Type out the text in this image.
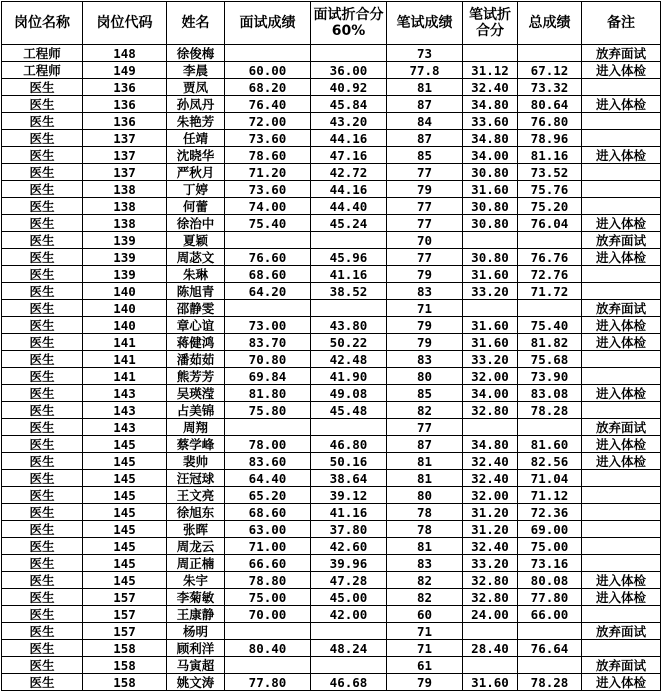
岗位名称	岗位代码	姓名	面试成绩	面试折合分60%	笔试成绩	笔试折合分	总成绩	备注
工程师	148	徐俊梅			73			放弃面试
工程师	149	李晨	60.00	36.00	77.8	31.12	67.12	进入体检
医生	136	贾凤	68.20	40.92	81	32.40	73.32	
医生	136	孙凤丹	76.40	45.84	87	34.80	80.64	进入体检
医生	136	朱艳芳	72.00	43.20	84	33.60	76.80	
医生	137	任靖	73.60	44.16	87	34.80	78.96	
医生	137	沈晓华	78.60	47.16	85	34.00	81.16	进入体检
医生	137	严秋月	71.20	42.72	77	30.80	73.52	
医生	138	丁婷	73.60	44.16	79	31.60	75.76	
医生	138	何蕾	74.00	44.40	77	30.80	75.20	
医生	138	徐治中	75.40	45.24	77	30.80	76.04	进入体检
医生	139	夏颖			70			放弃面试
医生	139	周苾文	76.60	45.96	77	30.80	76.76	进入体检
医生	139	朱琳	68.60	41.16	79	31.60	72.76	
医生	140	陈旭青	64.20	38.52	83	33.20	71.72	
医生	140	邵静雯			71			放弃面试
医生	140	章心谊	73.00	43.80	79	31.60	75.40	进入体检
医生	141	蒋健鸿	83.70	50.22	79	31.60	81.82	进入体检
医生	141	潘茹茹	70.80	42.48	83	33.20	75.68	
医生	141	熊芳芳	69.84	41.90	80	32.00	73.90	
医生	143	吴瑛滢	81.80	49.08	85	34.00	83.08	进入体检
医生	143	占美锦	75.80	45.48	82	32.80	78.28	
医生	143	周翔			77			放弃面试
医生	145	蔡学峰	78.00	46.80	87	34.80	81.60	进入体检
医生	145	裴帅	83.60	50.16	81	32.40	82.56	进入体检
医生	145	汪冠球	64.40	38.64	81	32.40	71.04	
医生	145	王文亮	65.20	39.12	80	32.00	71.12	
医生	145	徐旭东	68.60	41.16	78	31.20	72.36	
医生	145	张晖	63.00	37.80	78	31.20	69.00	
医生	145	周龙云	71.00	42.60	81	32.40	75.00	
医生	145	周正楠	66.60	39.96	83	33.20	73.16	
医生	145	朱宇	78.80	47.28	82	32.80	80.08	进入体检
医生	157	李菊敏	75.00	45.00	82	32.80	77.80	进入体检
医生	157	王康静	70.00	42.00	60	24.00	66.00	
医生	157	杨明			71			放弃面试
医生	158	顾利洋	80.40	48.24	71	28.40	76.64	
医生	158	马寅超			61			放弃面试
医生	158	姚文涛	77.80	46.68	79	31.60	78.28	进入体检
